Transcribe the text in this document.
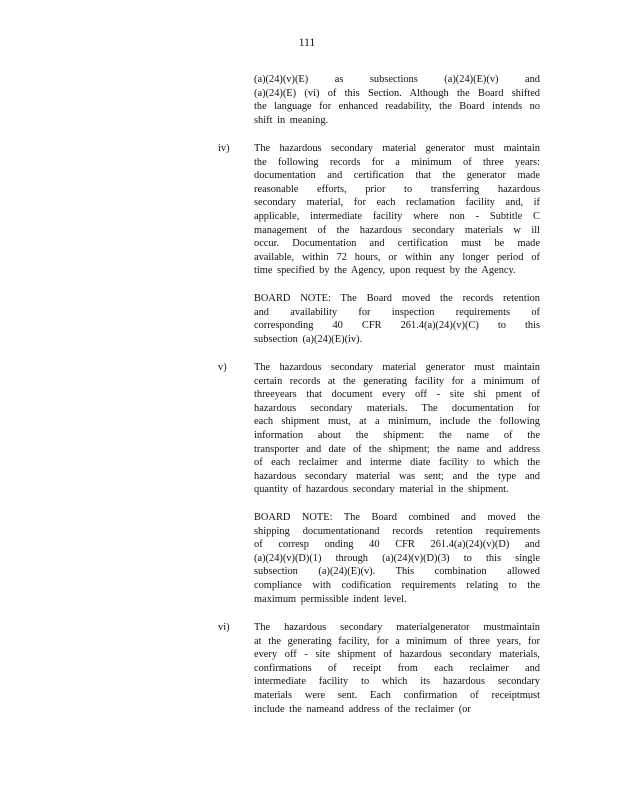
111
(a)(24)(v)(E) as subsections (a)(24)(E)(v) and
(a)(24)(E) (vi) of this Section. Although the Board shifted
the language for enhanced readability, the Board intends no
shift in meaning.
iv) The hazardous secondary material generator must maintain
the following records for a minimum of three years:
documentation and certification that the generator made
reasonable efforts, prior to transferring hazardous
secondary material, for each reclamation facility and, if
applicable, intermediate facility where non - Subtitle C
management of the hazardous secondary materials w ill
occur. Documentation and certification must be made
available, within 72 hours, or within any longer period of
time specified by the Agency, upon request by the Agency.
BOARD NOTE: The Board moved the records retention
and availability for inspection requirements of
corresponding 40 CFR 261.4(a)(24)(v)(C) to this
subsection (a)(24)(E)(iv).
v)	The hazardous secondary material generator must maintain
certain records at the generating facility for a minimum of
threeyears that document every off - site shi pment of
hazardous secondary materials. The documentation for
each shipment must, at a minimum, include the following
information about the shipment: the name of the
transporter and date of the shipment; the name and address
of each reclaimer and interme diate facility to which the
hazardous secondary material was sent; and the type and
quantity of hazardous secondary material in the shipment.
BOARD NOTE: The Board combined and moved the
shipping documentationand records retention requirements
of corresp onding 40 CFR 261.4(a)(24)(v)(D) and
(a)(24)(v)(D)(1) through (a)(24)(v)(D)(3) to this single
subsection (a)(24)(E)(v). This combination allowed
compliance with codification requirements relating to the
maximum permissible indent level.
vi) The hazardous secondary materialgenerator mustmaintain
at the generating facility, for a minimum of three years, for
every off - site shipment of hazardous secondary materials,
confirmations of receipt from each reclaimer and
intermediate facility to which its hazardous secondary
materials were sent. Each confirmation of receiptmust
include the nameand address of the reclaimer (or
